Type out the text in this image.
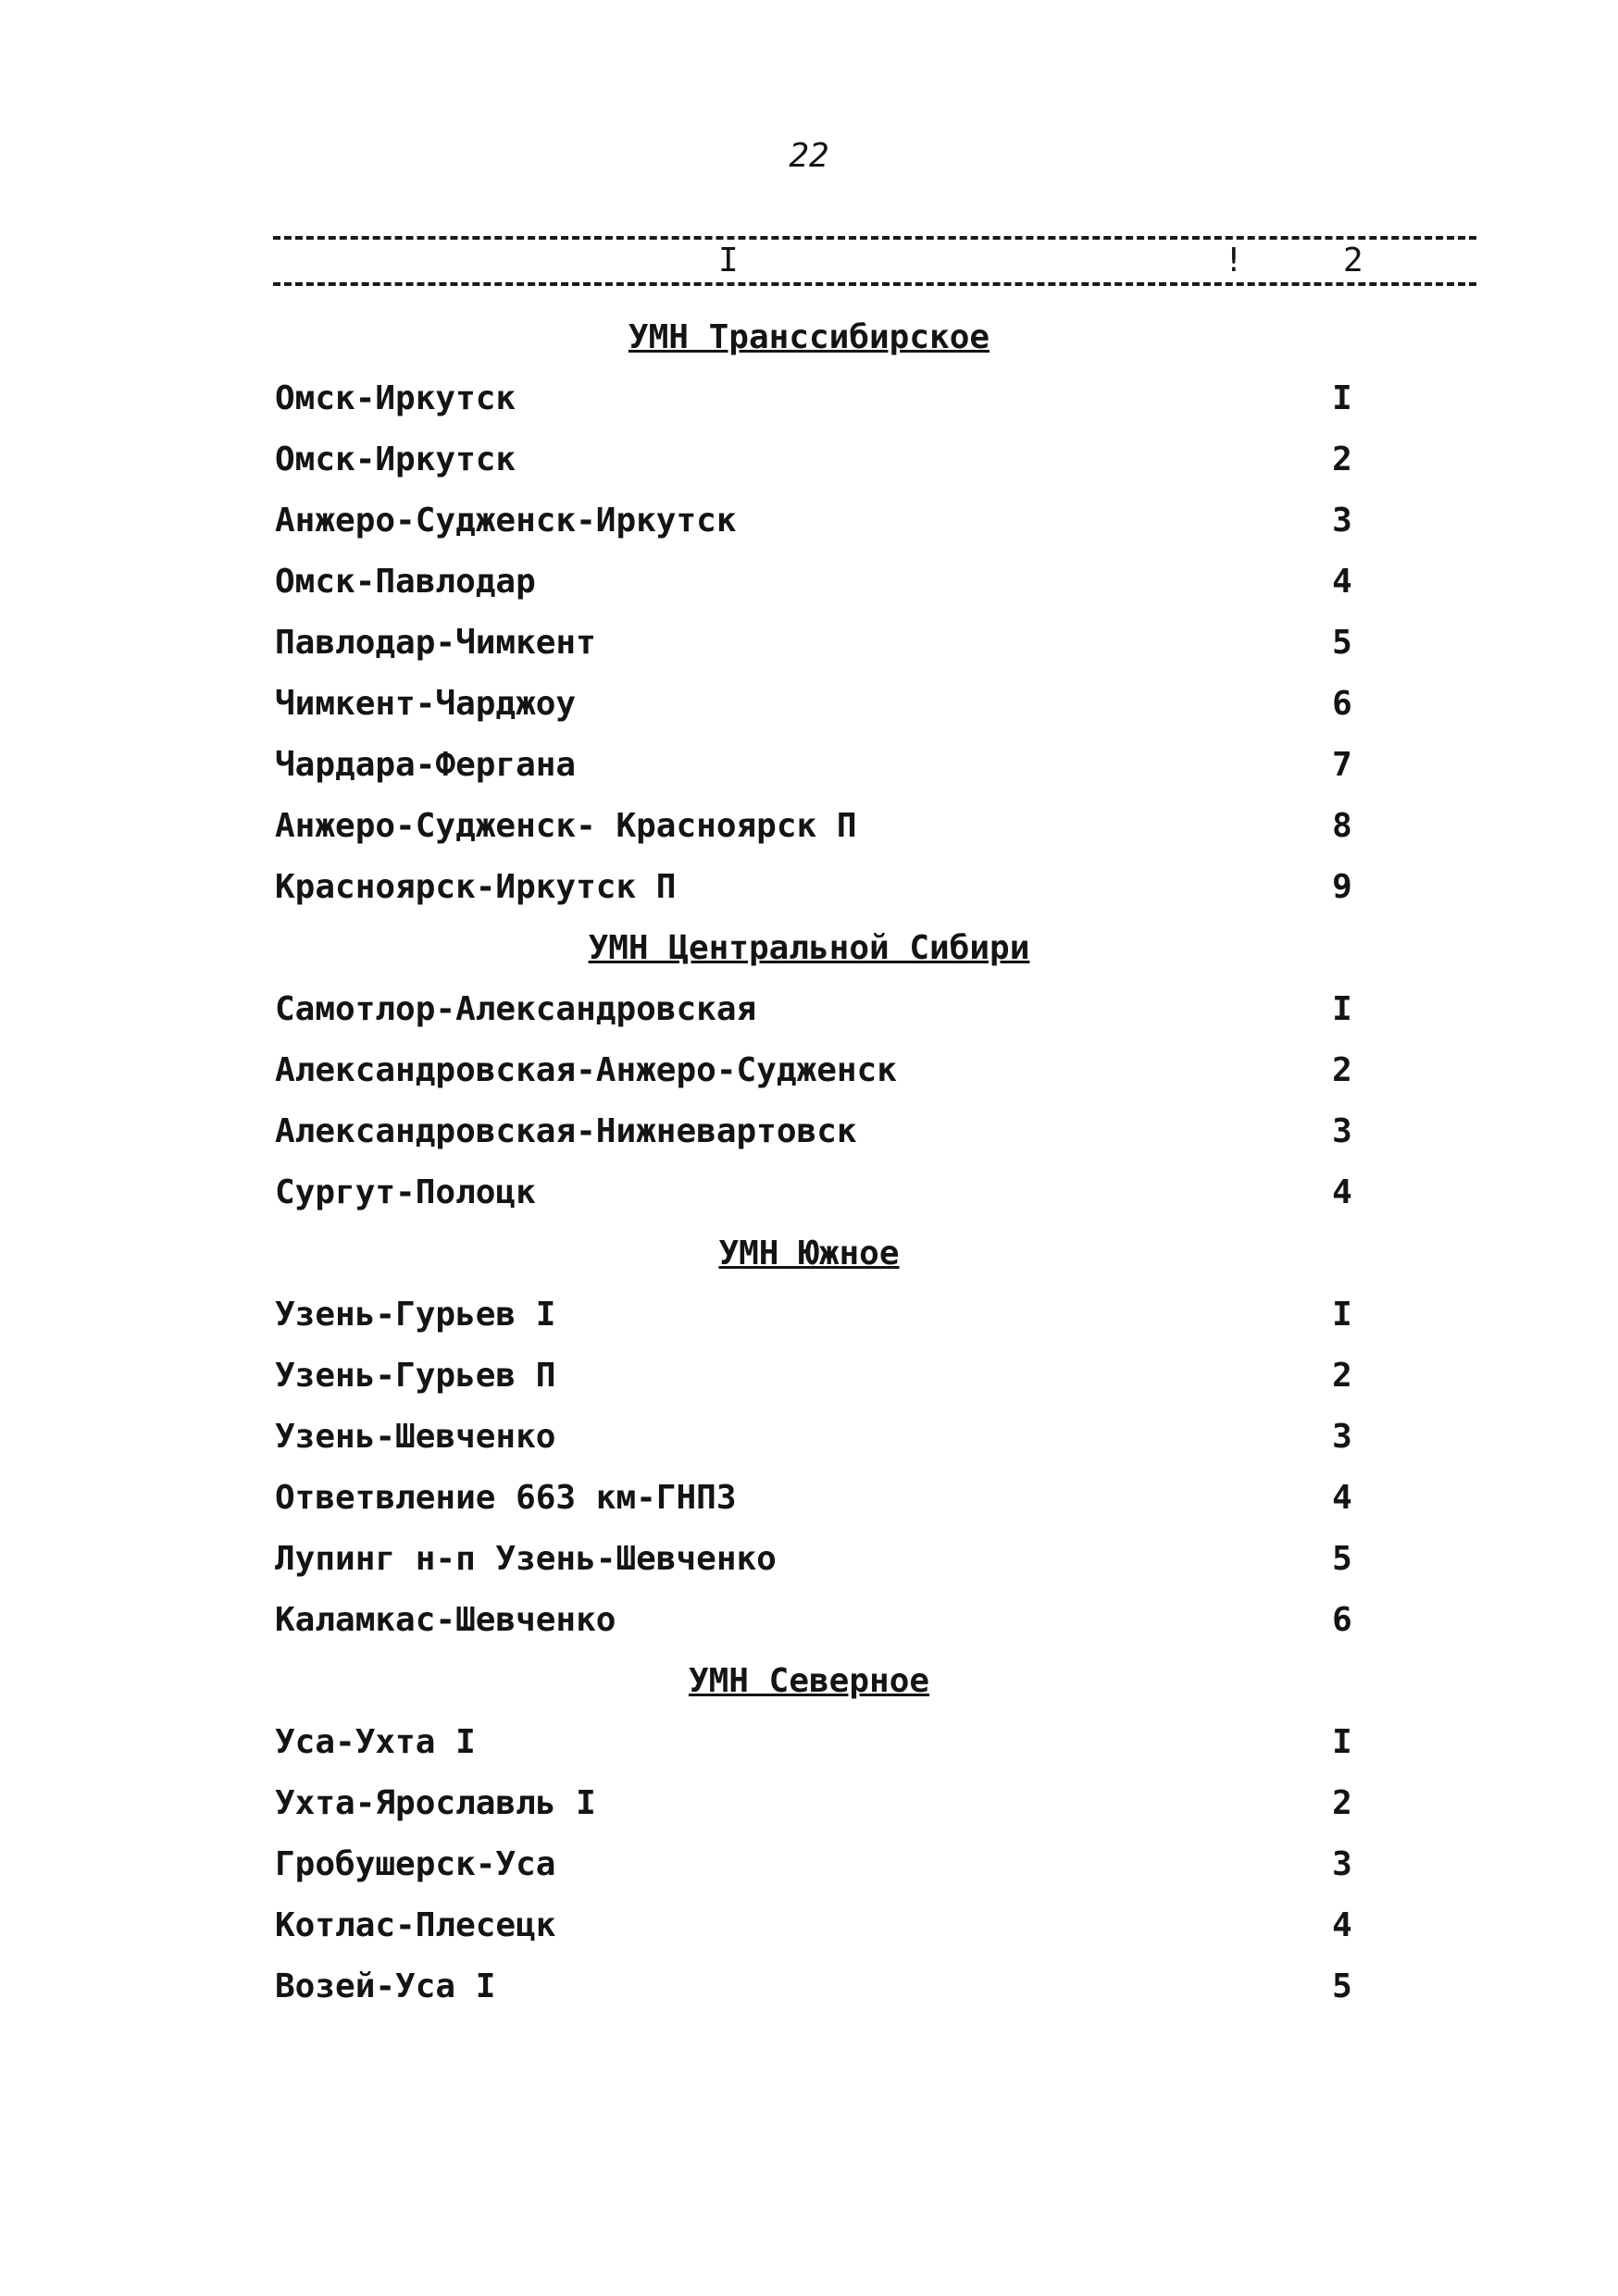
22
I	!	2
УМН Транссибирское
Омск-Иркутск	I
Омск-Иркутск	2
Анжеро-Судженск-Иркутск	3
Омск-Павлодар	4
Павлодар-Чимкент	5
Чимкент-Чарджоу	6
Чардара-Фергана	7
Анжеро-Судженск- Красноярск П	8
Красноярск-Иркутск П	9
УМН Центральной Сибири
Самотлор-Александровская	I
Александровская-Анжеро-Судженск	2
Александровская-Нижневартовск	3
Сургут-Полоцк	4
УМН Южное
Узень-Гурьев I	I
Узень-Гурьев П	2
Узень-Шевченко	3
Ответвление 663 км-ГНПЗ	4
Лупинг н-п Узень-Шевченко	5
Каламкас-Шевченко	6
УМН Северное
Уса-Ухта I	I
Ухта-Ярославль I	2
Гробушерск-Уса	3
Котлас-Плесецк	4
Возей-Уса I	5
